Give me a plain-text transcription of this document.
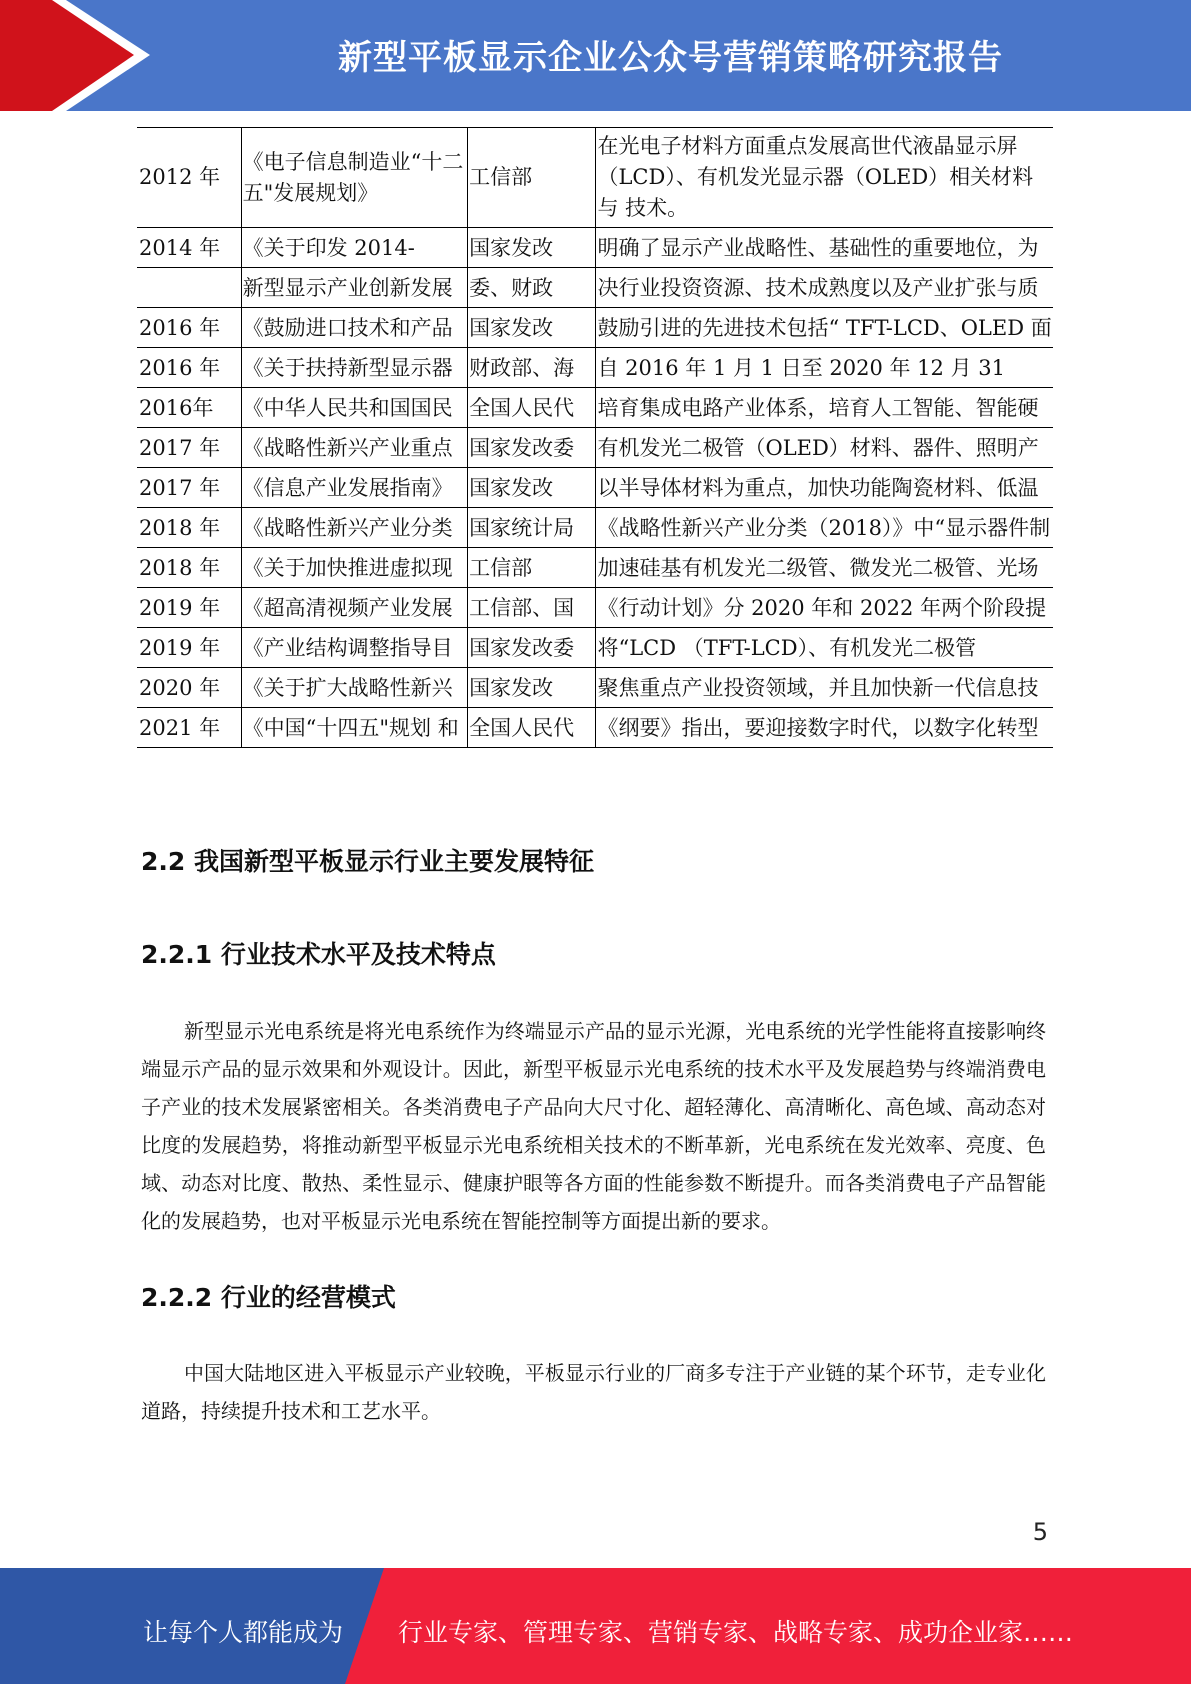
新型平板显示企业公众号营销策略研究报告
2012 年	《电子信息制造业“十二五"发展规划》	工信部	在光电子材料方面重点发展高世代液晶显示屏（LCD）、有机发光显示器（OLED）相关材料与 技术。

2014 年	《关于印发 2014-	国家发改	明确了显示产业战略性、基础性的重要地位，为

	新型显示产业创新发展	委、财政	决行业投资资源、技术成熟度以及产业扩张与质

2016 年	《鼓励进口技术和产品	国家发改	鼓励引进的先进技术包括“ TFT-LCD、OLED 面

2016 年	《关于扶持新型显示器	财政部、海	自 2016 年 1 月 1 日至 2020 年 12 月 31

2016年	《中华人民共和国国民	全国人民代	培育集成电路产业体系，培育人工智能、智能硬

2017 年	《战略性新兴产业重点	国家发改委	有机发光二极管（OLED）材料、器件、照明产

2017 年	《信息产业发展指南》	国家发改	以半导体材料为重点，加快功能陶瓷材料、低温

2018 年	《战略性新兴产业分类	国家统计局	《战略性新兴产业分类（2018）》中“显示器件制

2018 年	《关于加快推进虚拟现	工信部	加速硅基有机发光二级管、微发光二极管、光场

2019 年	《超高清视频产业发展	工信部、国	《行动计划》分 2020 年和 2022 年两个阶段提

2019 年	《产业结构调整指导目	国家发改委	将“LCD （TFT-LCD）、有机发光二极管

2020 年	《关于扩大战略性新兴	国家发改	聚焦重点产业投资领域，并且加快新一代信息技

2021 年	《中国“十四五"规划 和	全国人民代	《纲要》指出，要迎接数字时代，以数字化转型
2.2 我国新型平板显示行业主要发展特征
2.2.1 行业技术水平及技术特点

新型显示光电系统是将光电系统作为终端显示产品的显示光源，光电系统的光学性能将直接影响终端显示产品的显示效果和外观设计。因此，新型平板显示光电系统的技术水平及发展趋势与终端消费电子产业的技术发展紧密相关。各类消费电子产品向大尺寸化、超轻薄化、高清晰化、高色域、高动态对比度的发展趋势，将推动新型平板显示光电系统相关技术的不断革新，光电系统在发光效率、亮度、色域、动态对比度、散热、柔性显示、健康护眼等各方面的性能参数不断提升。而各类消费电子产品智能化的发展趋势，也对平板显示光电系统在智能控制等方面提出新的要求。

2.2.2 行业的经营模式

中国大陆地区进入平板显示产业较晚，平板显示行业的厂商多专注于产业链的某个环节，走专业化道路，持续提升技术和工艺水平。

5
让每个人都能成为 行业专家、管理专家、营销专家、战略专家、成功企业家……
